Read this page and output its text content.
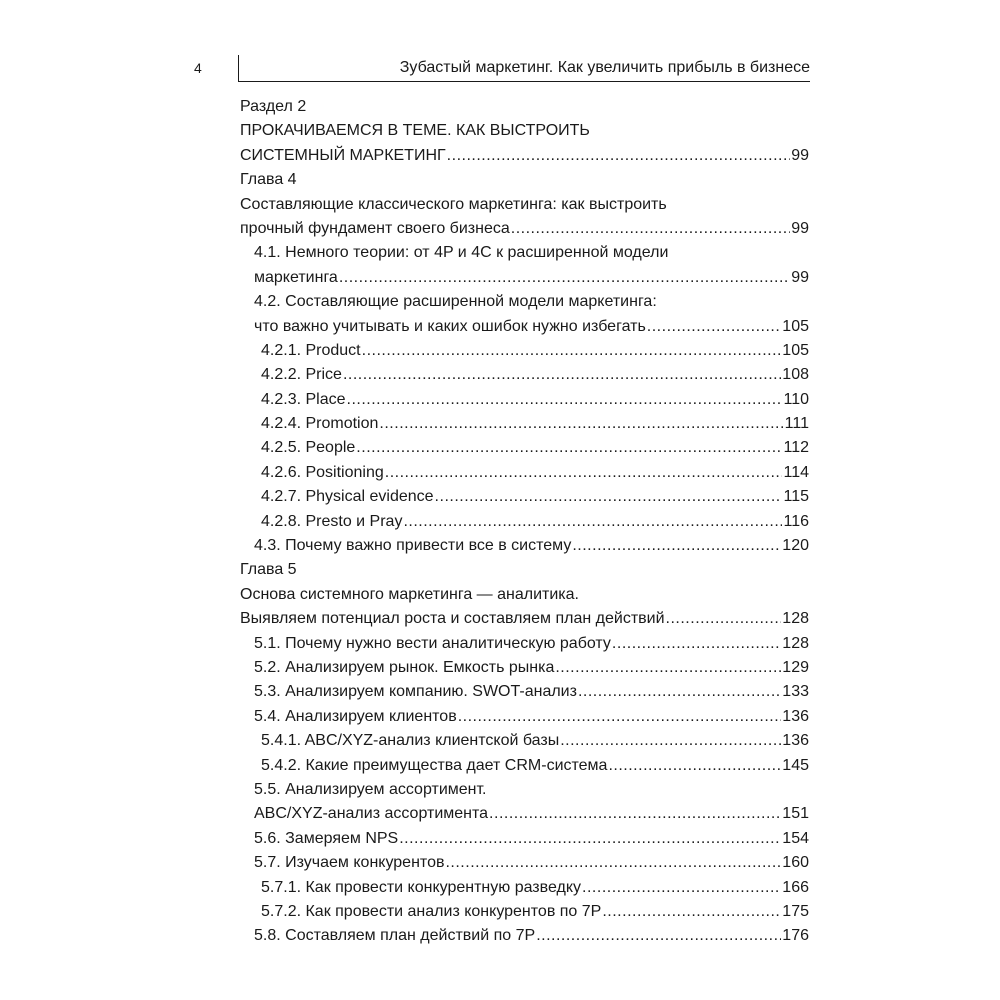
4	Зубастый маркетинг. Как увеличить прибыль в бизнесе
Раздел 2
ПРОКАЧИВАЕМСЯ В ТЕМЕ. КАК ВЫСТРОИТЬ
СИСТЕМНЫЙ МАРКЕТИНГ .....	99
Глава 4
Составляющие классического маркетинга: как выстроить
прочный фундамент своего бизнеса .....	99
4.1. Немного теории: от 4P и 4C к расширенной модели
маркетинга .....	99
4.2. Составляющие расширенной модели маркетинга:
что важно учитывать и каких ошибок нужно избегать .....	105
4.2.1. Product .....	105
4.2.2. Price .....	108
4.2.3. Place .....	110
4.2.4. Promotion .....	111
4.2.5. People .....	112
4.2.6. Positioning .....	114
4.2.7. Physical evidence .....	115
4.2.8. Presto и Pray .....	116
4.3. Почему важно привести все в систему .....	120
Глава 5
Основа системного маркетинга — аналитика.
Выявляем потенциал роста и составляем план действий .....	128
5.1. Почему нужно вести аналитическую работу .....	128
5.2. Анализируем рынок. Емкость рынка .....	129
5.3. Анализируем компанию. SWOT-анализ .....	133
5.4. Анализируем клиентов .....	136
5.4.1. ABC/XYZ-анализ клиентской базы .....	136
5.4.2. Какие преимущества дает CRM-система .....	145
5.5. Анализируем ассортимент.
ABC/XYZ-анализ ассортимента .....	151
5.6. Замеряем NPS .....	154
5.7. Изучаем конкурентов .....	160
5.7.1. Как провести конкурентную разведку .....	166
5.7.2. Как провести анализ конкурентов по 7P .....	175
5.8. Составляем план действий по 7P .....	176
